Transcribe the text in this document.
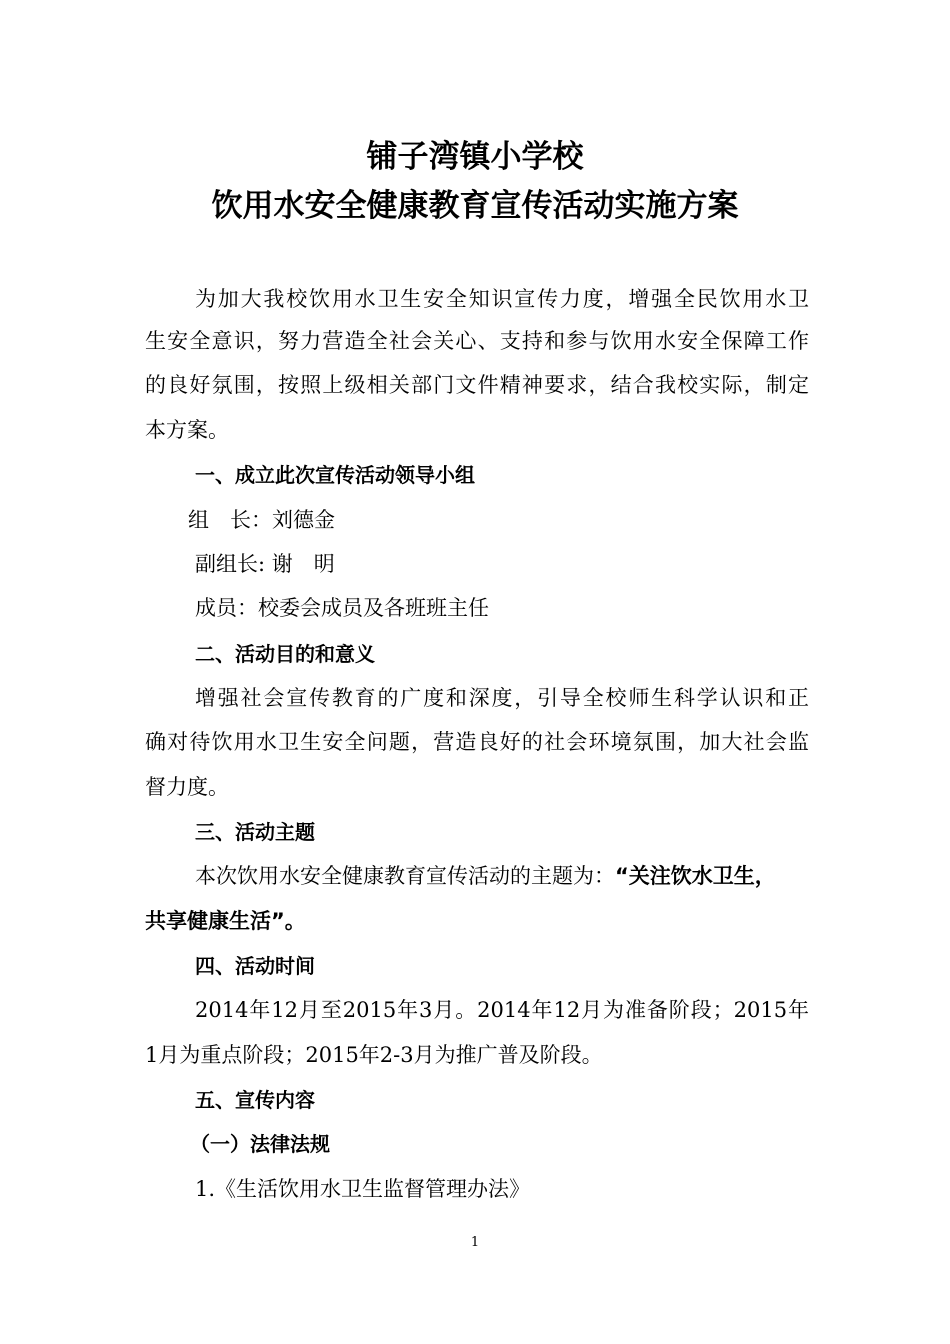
铺子湾镇小学校
饮用水安全健康教育宣传活动实施方案
为加大我校饮用水卫生安全知识宣传力度，增强全民饮用水卫
生安全意识，努力营造全社会关心、支持和参与饮用水安全保障工作
的良好氛围，按照上级相关部门文件精神要求，结合我校实际，制定
本方案。
一、成立此次宣传活动领导小组
组　长：刘德金
副组长: 谢　明
成员：校委会成员及各班班主任
二、活动目的和意义
增强社会宣传教育的广度和深度，引导全校师生科学认识和正
确对待饮用水卫生安全问题，营造良好的社会环境氛围，加大社会监
督力度。
三、活动主题
本次饮用水安全健康教育宣传活动的主题为：“关注饮水卫生，
共享健康生活”。
四、活动时间
2014年12月至2015年3月。2014年12月为准备阶段；2015年
1月为重点阶段；2015年2-3月为推广普及阶段。
五、宣传内容
（一）法律法规
1.《生活饮用水卫生监督管理办法》
1
